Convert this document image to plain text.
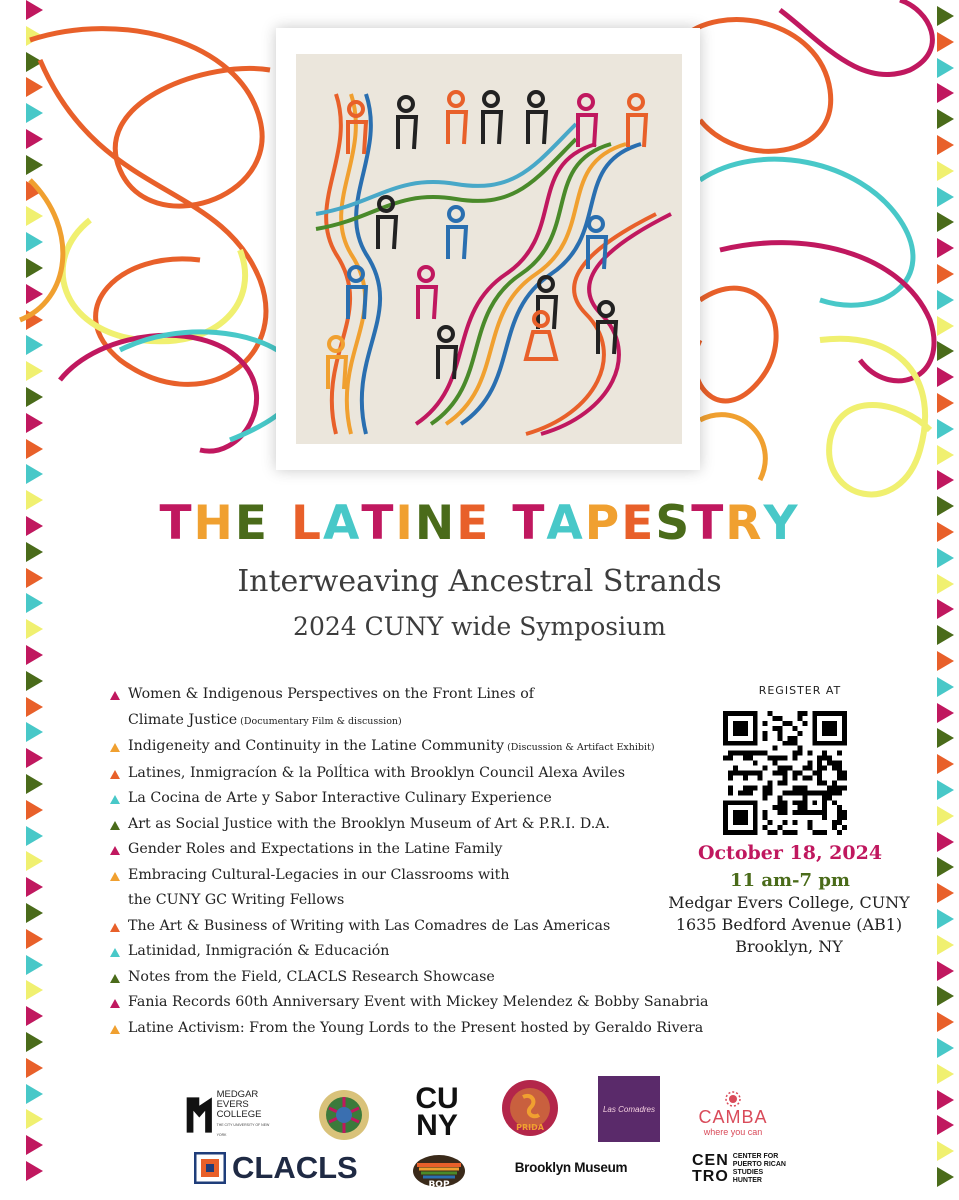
THE LATINE TAPESTRY
Interweaving Ancestral Strands
2024 CUNY wide Symposium
Women & Indigenous Perspectives on the Front Lines of
Climate Justice (Documentary Film & discussion)
Indigeneity and Continuity in the Latine Community (Discussion & Artifact Exhibit)
Latines, Inmigracíon & la Polĺtica with Brooklyn Council Alexa Aviles
La Cocina de Arte y Sabor Interactive Culinary Experience
Art as Social Justice with the Brooklyn Museum of Art & P.R.I. D.A.
Gender Roles and Expectations in the Latine Family
Embracing Cultural-Legacies in our Classrooms with
the CUNY GC Writing Fellows
The Art & Business of Writing with Las Comadres de Las Americas
Latinidad, Inmigración & Educación
Notes from the Field, CLACLS Research Showcase
Fania Records 60th Anniversary Event with Mickey Melendez & Bobby Sanabria
Latine Activism: From the Young Lords to the Present hosted by Geraldo Rivera
REGISTER AT
October 18, 2024
11 am-7 pm
Medgar Evers College, CUNY
1635 Bedford Avenue (AB1)
Brooklyn, NY
MEDGAR
EVERS
COLLEGE
THE CITY UNIVERSITY OF NEW YORK
CUNY	PRIDA
Las Comadres CAMBA
where you can
CLACLS	BOP
Brooklyn Museum	CEN
TRO
CENTER FOR
PUERTO RICAN
STUDIES
HUNTER
